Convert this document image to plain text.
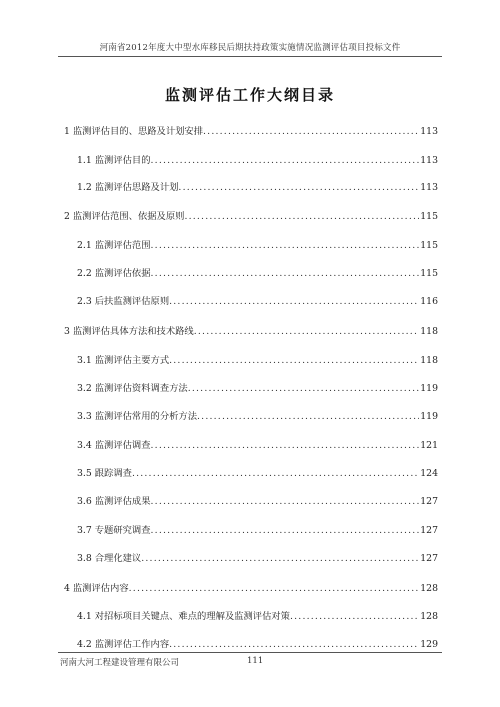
河南省2012年度大中型水库移民后期扶持政策实施情况监测评估项目投标文件
监测评估工作大纲目录
1 监测评估目的、思路及计划安排 .....	113
1.1 监测评估目的 .....	113
1.2 监测评估思路及计划 .....	113
2 监测评估范围、依据及原则 .....	115
2.1 监测评估范围 .....	115
2.2 监测评估依据 .....	115
2.3 后扶监测评估原则 .....	116
3 监测评估具体方法和技术路线 .....	118
3.1 监测评估主要方式 .....	118
3.2 监测评估资料调查方法 .....	119
3.3 监测评估常用的分析方法 .....	119
3.4 监测评估调查 .....	121
3.5 跟踪调查 .....	124
3.6 监测评估成果 .....	127
3.7 专题研究调查 .....	127
3.8 合理化建议 .....	127
4 监测评估内容 .....	128
4.1 对招标项目关键点、难点的理解及监测评估对策 .....	128
4.2 监测评估工作内容 .....	129
河南大河工程建设管理有限公司	111
